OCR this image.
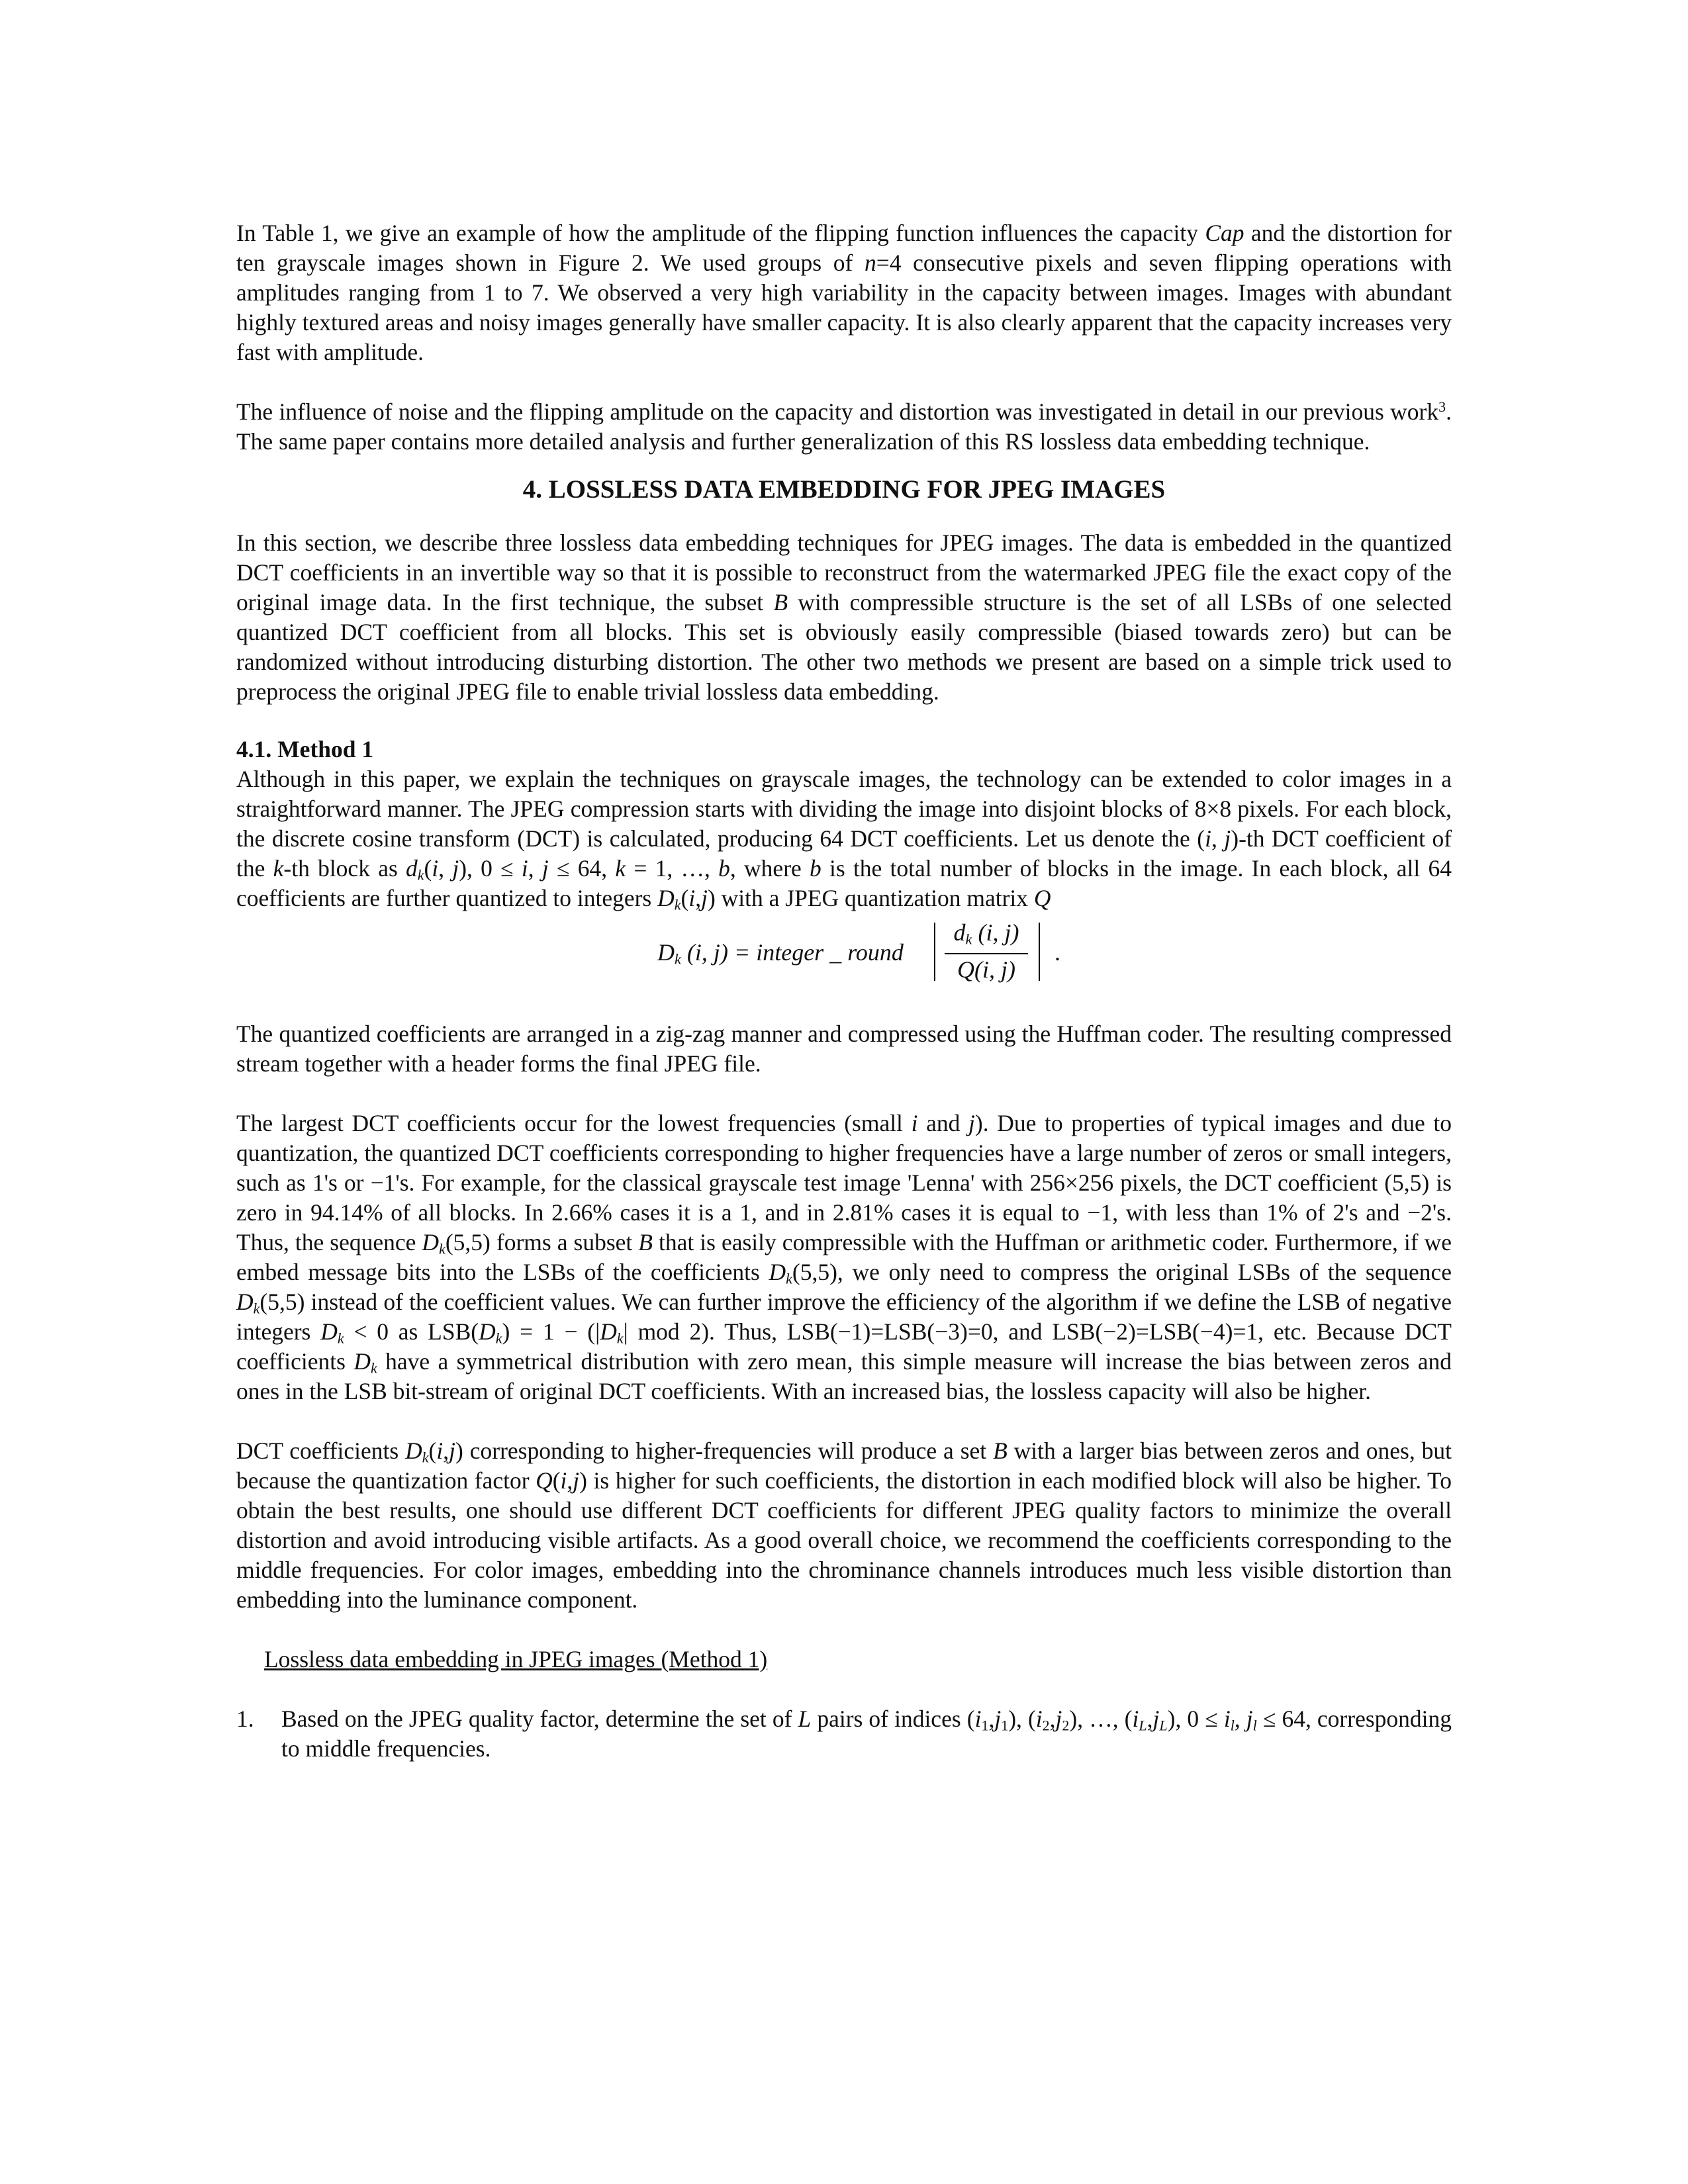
In Table 1, we give an example of how the amplitude of the flipping function influences the capacity Cap and the distortion for ten grayscale images shown in Figure 2. We used groups of n=4 consecutive pixels and seven flipping operations with amplitudes ranging from 1 to 7. We observed a very high variability in the capacity between images. Images with abundant highly textured areas and noisy images generally have smaller capacity. It is also clearly apparent that the capacity increases very fast with amplitude.

The influence of noise and the flipping amplitude on the capacity and distortion was investigated in detail in our previous work$^3$. The same paper contains more detailed analysis and further generalization of this RS lossless data embedding technique.

4. LOSSLESS DATA EMBEDDING FOR JPEG IMAGES

In this section, we describe three lossless data embedding techniques for JPEG images. The data is embedded in the quantized DCT coefficients in an invertible way so that it is possible to reconstruct from the watermarked JPEG file the exact copy of the original image data. In the first technique, the subset B with compressible structure is the set of all LSBs of one selected quantized DCT coefficient from all blocks. This set is obviously easily compressible (biased towards zero) but can be randomized without introducing disturbing distortion. The other two methods we present are based on a simple trick used to preprocess the original JPEG file to enable trivial lossless data embedding.

4.1. Method 1

Although in this paper, we explain the techniques on grayscale images, the technology can be extended to color images in a straightforward manner. The JPEG compression starts with dividing the image into disjoint blocks of 8×8 pixels. For each block, the discrete cosine transform (DCT) is calculated, producing 64 DCT coefficients. Let us denote the (i, j)-th DCT coefficient of the k-th block as $d_k(i$, j), 0 ≤ i, j ≤ 64, k = 1, …, b, where b is the total number of blocks in the image. In each block, all 64 coefficients are further quantized to integers $D_k(i,j)$ with a JPEG quantization matrix Q

$D_k$ (i, j) = integer _ round
$d_k$ (i, j)
Q(i, j)
.

The quantized coefficients are arranged in a zig-zag manner and compressed using the Huffman coder. The resulting compressed stream together with a header forms the final JPEG file.

The largest DCT coefficients occur for the lowest frequencies (small i and j). Due to properties of typical images and due to quantization, the quantized DCT coefficients corresponding to higher frequencies have a large number of zeros or small integers, such as 1's or −1's. For example, for the classical grayscale test image 'Lenna' with 256×256 pixels, the DCT coefficient (5,5) is zero in 94.14% of all blocks. In 2.66% cases it is a 1, and in 2.81% cases it is equal to −1, with less than 1% of 2's and −2's. Thus, the sequence $D_k(5,5)$ forms a subset B that is easily compressible with the Huffman or arithmetic coder. Furthermore, if we embed message bits into the LSBs of the coefficients $D_k(5,5)$, we only need to compress the original LSBs of the sequence $D_k(5,5)$ instead of the coefficient values. We can further improve the efficiency of the algorithm if we define the LSB of negative integers $D_k < 0$ as $LSB(D_k) = 1 - (|D_k|$ mod 2). Thus, LSB(−1)=LSB(−3)=0, and LSB(−2)=LSB(−4)=1, etc. Because DCT coefficients $D_k$ have a symmetrical distribution with zero mean, this simple measure will increase the bias between zeros and ones in the LSB bit-stream of original DCT coefficients. With an increased bias, the lossless capacity will also be higher.

DCT coefficients $D_k(i,j)$ corresponding to higher-frequencies will produce a set B with a larger bias between zeros and ones, but because the quantization factor Q(i,j) is higher for such coefficients, the distortion in each modified block will also be higher. To obtain the best results, one should use different DCT coefficients for different JPEG quality factors to minimize the overall distortion and avoid introducing visible artifacts. As a good overall choice, we recommend the coefficients corresponding to the middle frequencies. For color images, embedding into the chrominance channels introduces much less visible distortion than embedding into the luminance component.

Lossless data embedding in JPEG images (Method 1)

1. Based on the JPEG quality factor, determine the set of L pairs of indices $(i_1,j_1)$, $(i_2,j_2)$, …, $(i_L,j_L)$, $0 \le i_l$, $j_l \le 64$, corresponding to middle frequencies.
